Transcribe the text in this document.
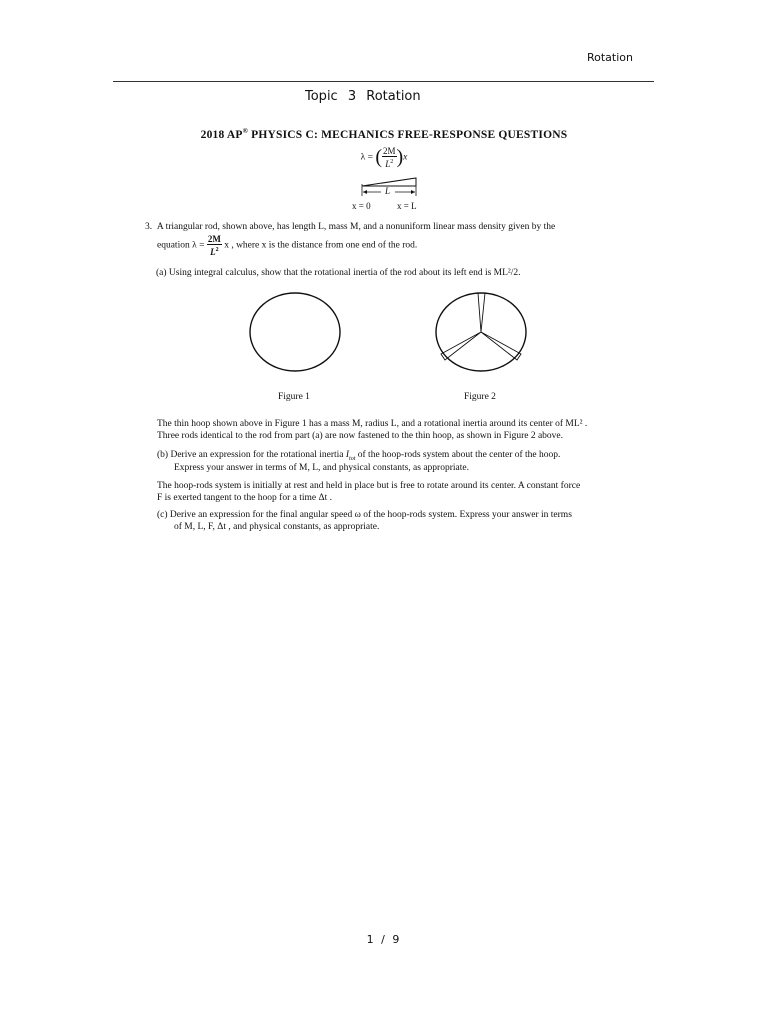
Rotation
Topic 3 Rotation
2018 AP® PHYSICS C: MECHANICS FREE-RESPONSE QUESTIONS
λ = ( $\frac{2M}{L^2} )x$
L
x = 0	x = L
3. A triangular rod, shown above, has length L, mass M, and a nonuniform linear mass density given by the
equation $\lambda = \frac{2M}{L^2}$ x , where x is the distance from one end of the rod.
(a) Using integral calculus, show that the rotational inertia of the rod about its left end is ML²/2.
Figure 1	Figure 2
The thin hoop shown above in Figure 1 has a mass M, radius L, and a rotational inertia around its center of ML² .
Three rods identical to the rod from part (a) are now fastened to the thin hoop, as shown in Figure 2 above.
(b) Derive an expression for the rotational inertia $I_{tot}$ of the hoop-rods system about the center of the hoop.
Express your answer in terms of M, L, and physical constants, as appropriate.
The hoop-rods system is initially at rest and held in place but is free to rotate around its center. A constant force
F is exerted tangent to the hoop for a time Δt .
(c) Derive an expression for the final angular speed ω of the hoop-rods system. Express your answer in terms
of M, L, F, Δt , and physical constants, as appropriate.
1 / 9
